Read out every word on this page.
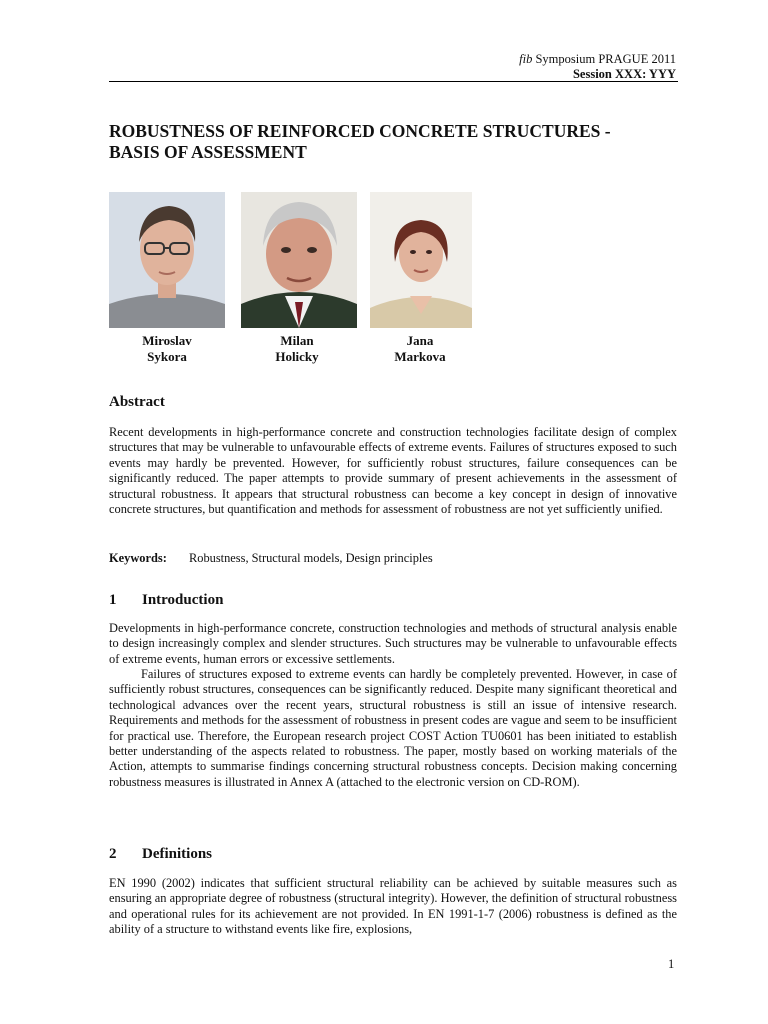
fib Symposium PRAGUE 2011
Session XXX: YYY
ROBUSTNESS OF REINFORCED CONCRETE STRUCTURES -
BASIS OF ASSESSMENT
Miroslav
Sykora
Milan
Holicky
Jana
Markova
Abstract

Recent developments in high-performance concrete and construction technologies facilitate design of complex structures that may be vulnerable to unfavourable effects of extreme events. Failures of structures exposed to such events may hardly be prevented. However, for sufficiently robust structures, failure consequences can be significantly reduced. The paper attempts to provide summary of present achievements in the assessment of structural robustness. It appears that structural robustness can become a key concept in design of innovative concrete structures, but quantification and methods for assessment of robustness are not yet sufficiently unified.

Keywords: Robustness, Structural models, Design principles
1 Introduction

Developments in high-performance concrete, construction technologies and methods of structural analysis enable to design increasingly complex and slender structures. Such structures may be vulnerable to unfavourable effects of extreme events, human errors or excessive settlements.

Failures of structures exposed to extreme events can hardly be completely prevented. However, in case of sufficiently robust structures, consequences can be significantly reduced. Despite many significant theoretical and technological advances over the recent years, structural robustness is still an issue of intensive research. Requirements and methods for the assessment of robustness in present codes are vague and seem to be insufficient for practical use. Therefore, the European research project COST Action TU0601 has been initiated to establish better understanding of the aspects related to robustness. The paper, mostly based on working materials of the Action, attempts to summarise findings concerning structural robustness concepts. Decision making concerning robustness measures is illustrated in Annex A (attached to the electronic version on CD-ROM).

2 Definitions

EN 1990 (2002) indicates that sufficient structural reliability can be achieved by suitable measures such as ensuring an appropriate degree of robustness (structural integrity). However, the definition of structural robustness and operational rules for its achievement are not provided. In EN 1991-1-7 (2006) robustness is defined as the ability of a structure to withstand events like fire, explosions,

1
